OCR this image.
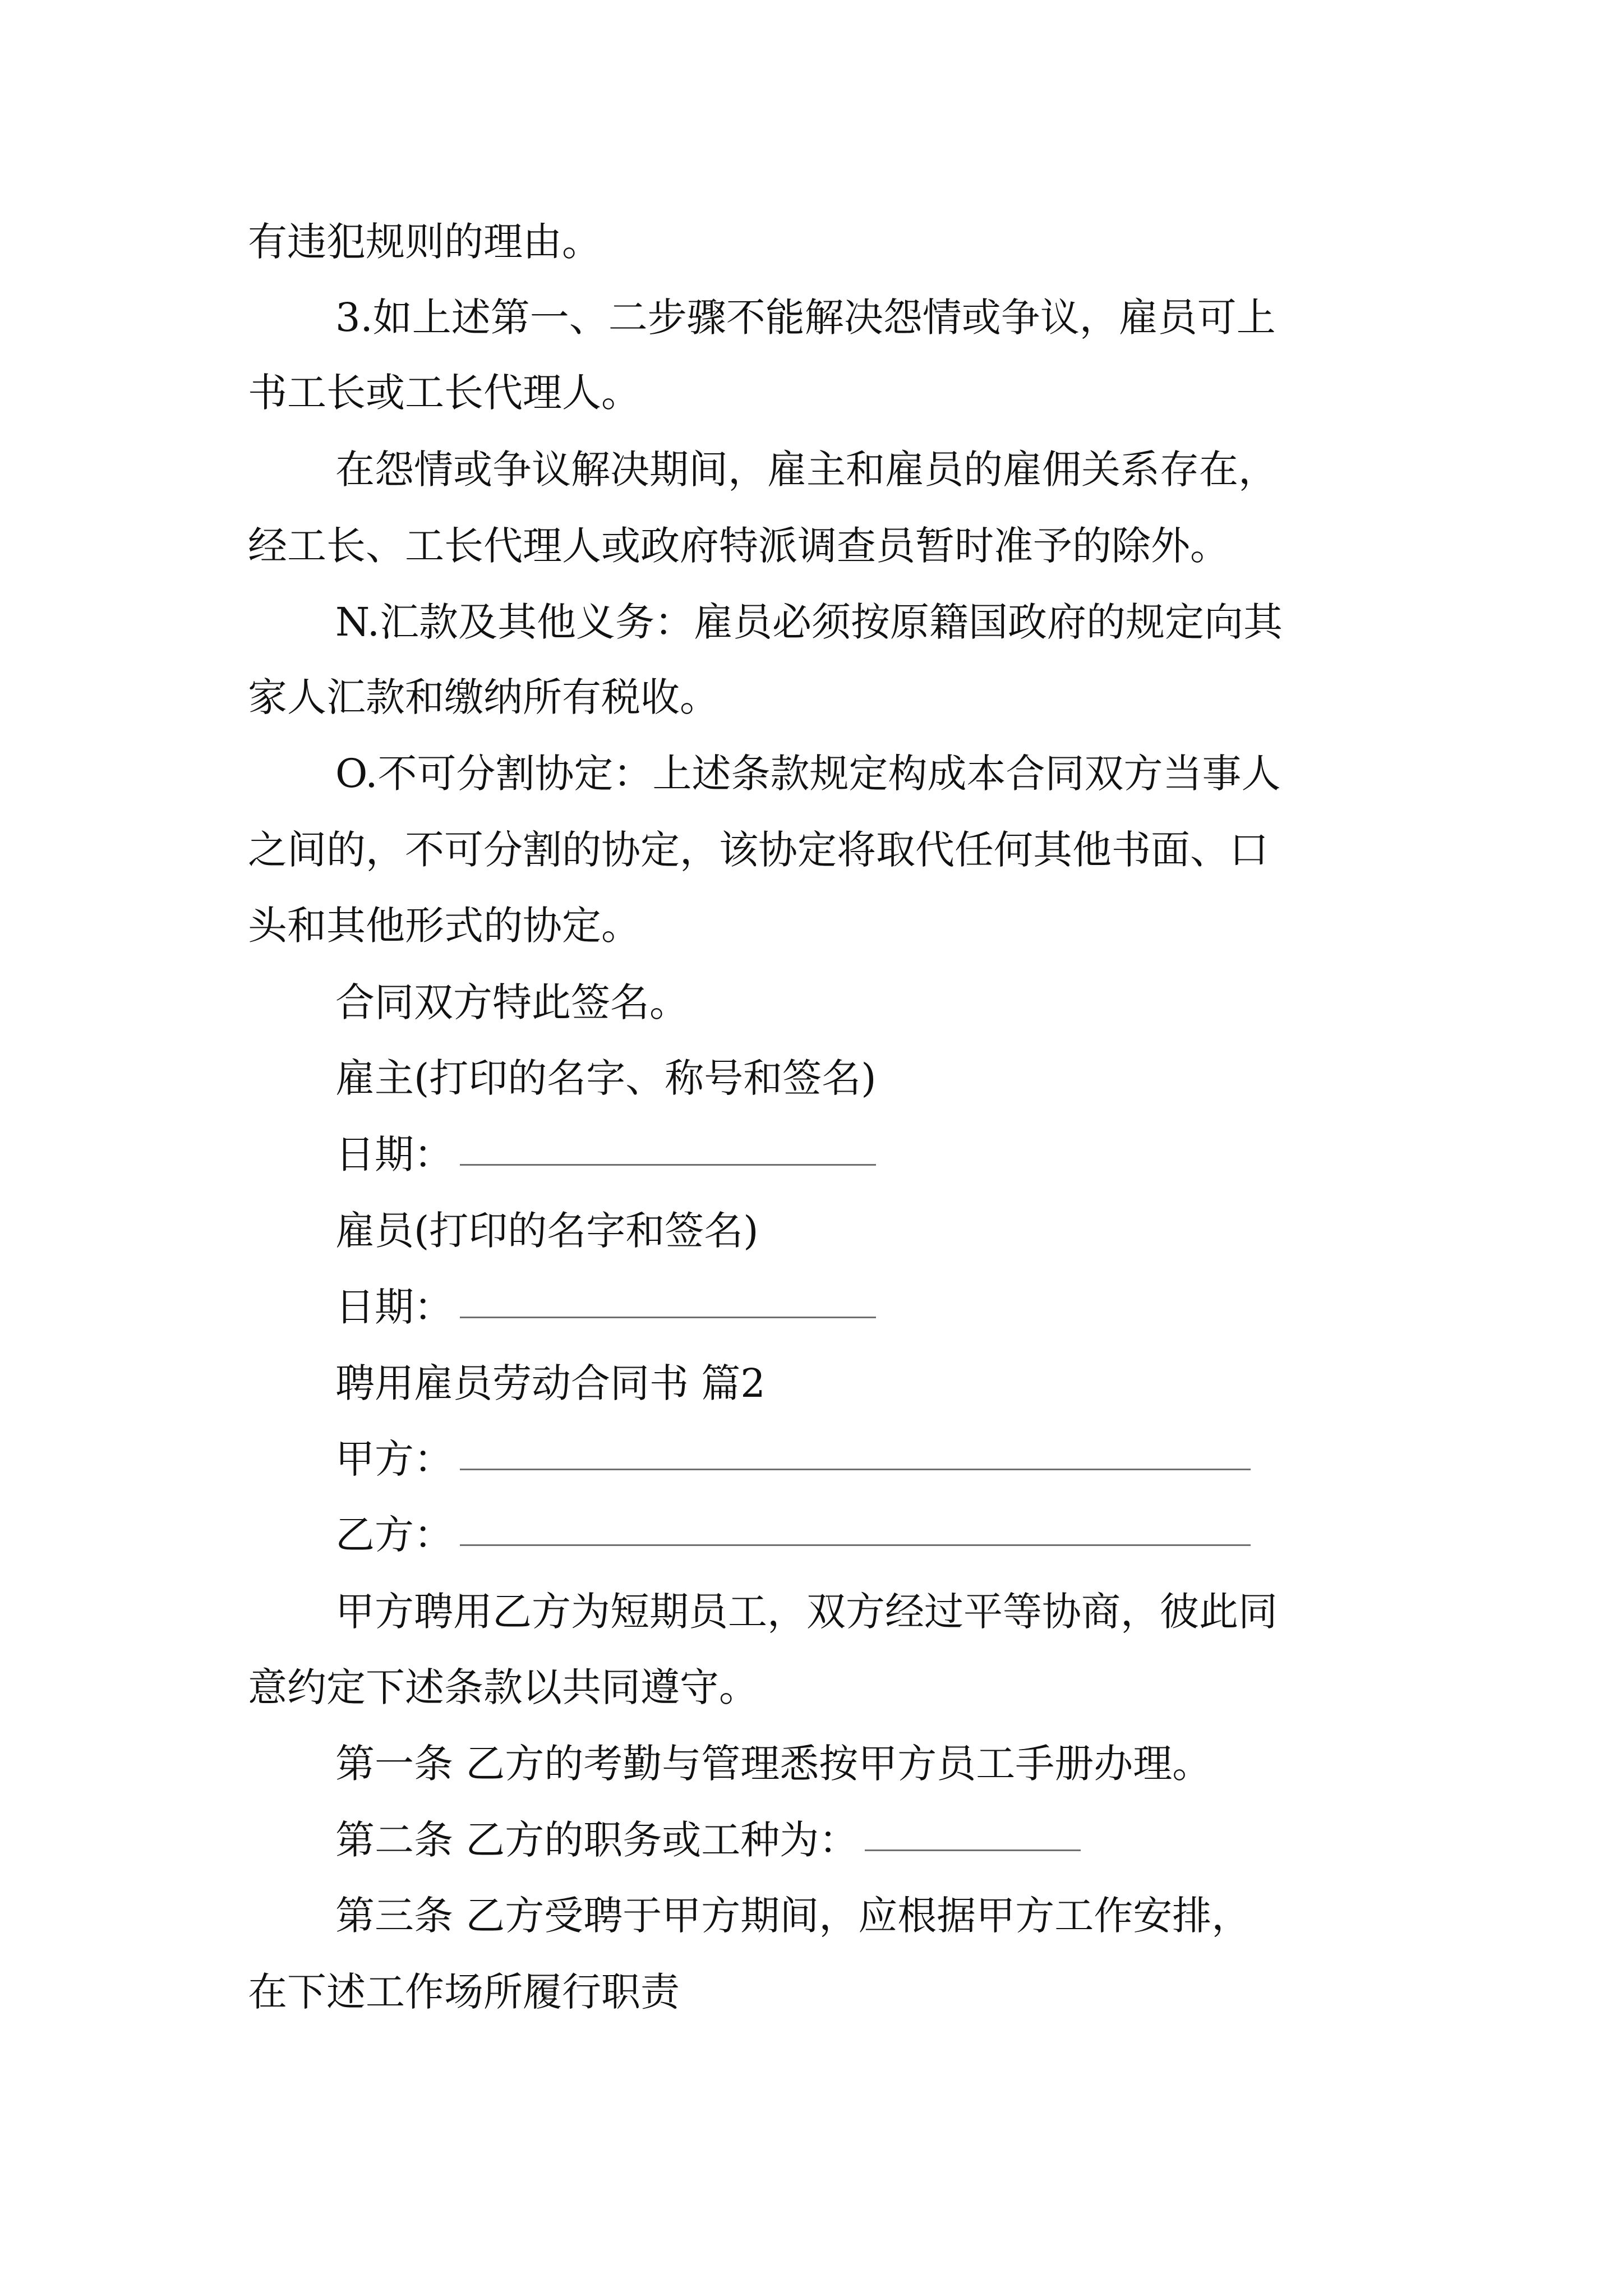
有违犯规则的理由。
3.如上述第一、二步骤不能解决怨情或争议，雇员可上
书工长或工长代理人。
在怨情或争议解决期间，雇主和雇员的雇佣关系存在，
经工长、工长代理人或政府特派调查员暂时准予的除外。
N.汇款及其他义务：雇员必须按原籍国政府的规定向其
家人汇款和缴纳所有税收。
O.不可分割协定：上述条款规定构成本合同双方当事人
之间的，不可分割的协定，该协定将取代任何其他书面、口
头和其他形式的协定。
合同双方特此签名。
雇主(打印的名字、称号和签名)
日期：
雇员(打印的名字和签名)
日期：
聘用雇员劳动合同书 篇2
甲方：
乙方：
甲方聘用乙方为短期员工，双方经过平等协商，彼此同
意约定下述条款以共同遵守。
第一条 乙方的考勤与管理悉按甲方员工手册办理。
第二条 乙方的职务或工种为：
第三条 乙方受聘于甲方期间，应根据甲方工作安排，
在下述工作场所履行职责
